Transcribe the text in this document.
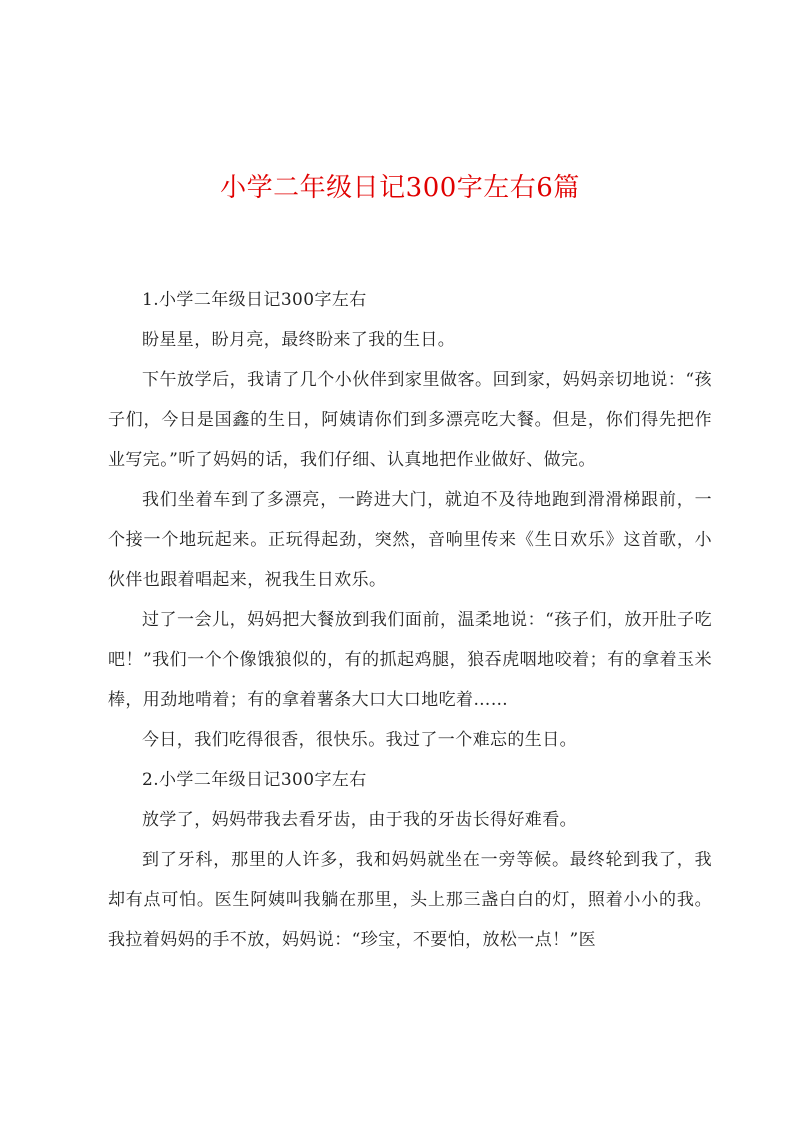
小学二年级日记300字左右6篇

1.小学二年级日记300字左右

盼星星，盼月亮，最终盼来了我的生日。

下午放学后，我请了几个小伙伴到家里做客。回到家，妈妈亲切地说：“孩子们，今日是国鑫的生日，阿姨请你们到多漂亮吃大餐。但是，你们得先把作业写完。”听了妈妈的话，我们仔细、认真地把作业做好、做完。

我们坐着车到了多漂亮，一跨进大门，就迫不及待地跑到滑滑梯跟前，一个接一个地玩起来。正玩得起劲，突然，音响里传来《生日欢乐》这首歌，小伙伴也跟着唱起来，祝我生日欢乐。

过了一会儿，妈妈把大餐放到我们面前，温柔地说：“孩子们，放开肚子吃吧！”我们一个个像饿狼似的，有的抓起鸡腿，狼吞虎咽地咬着；有的拿着玉米棒，用劲地啃着；有的拿着薯条大口大口地吃着……

今日，我们吃得很香，很快乐。我过了一个难忘的生日。

2.小学二年级日记300字左右

放学了，妈妈带我去看牙齿，由于我的牙齿长得好难看。

到了牙科，那里的人许多，我和妈妈就坐在一旁等候。最终轮到我了，我却有点可怕。医生阿姨叫我躺在那里，头上那三盏白白的灯，照着小小的我。我拉着妈妈的手不放，妈妈说：“珍宝，不要怕，放松一点！”医
